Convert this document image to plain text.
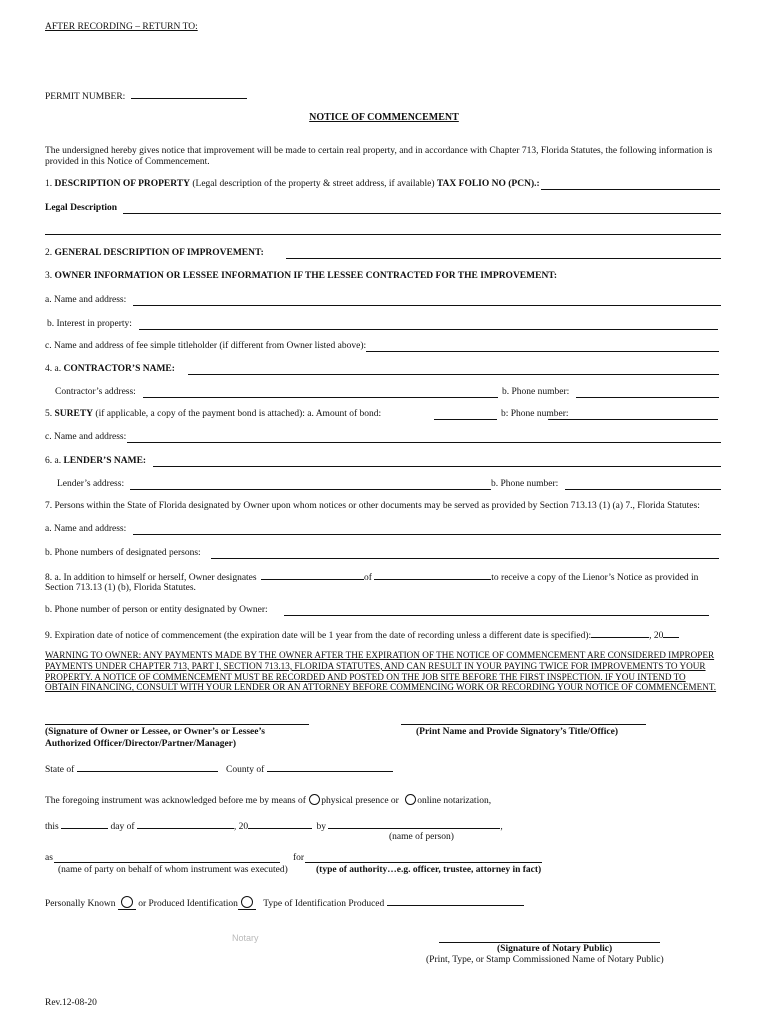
AFTER RECORDING – RETURN TO:
PERMIT NUMBER:
NOTICE OF COMMENCEMENT
The undersigned hereby gives notice that improvement will be made to certain real property, and in accordance with Chapter 713, Florida Statutes, the following information is
provided in this Notice of Commencement.
1. DESCRIPTION OF PROPERTY (Legal description of the property & street address, if available) TAX FOLIO NO (PCN).:
Legal Description
2. GENERAL DESCRIPTION OF IMPROVEMENT:
3. OWNER INFORMATION OR LESSEE INFORMATION IF THE LESSEE CONTRACTED FOR THE IMPROVEMENT:
a. Name and address:
b. Interest in property:
c. Name and address of fee simple titleholder (if different from Owner listed above):
4. a. CONTRACTOR’S NAME:
Contractor’s address:	b. Phone number:
5. SURETY (if applicable, a copy of the payment bond is attached): a. Amount of bond:	b: Phone number:
c. Name and address:
6. a. LENDER’S NAME:
Lender’s address:	b. Phone number:
7. Persons within the State of Florida designated by Owner upon whom notices or other documents may be served as provided by Section 713.13 (1) (a) 7., Florida Statutes:
a. Name and address:
b. Phone numbers of designated persons:
8. a. In addition to himself or herself, Owner designates	of	to receive a copy of the Lienor’s Notice as provided in
Section 713.13 (1) (b), Florida Statutes.
b. Phone number of person or entity designated by Owner:
9. Expiration date of notice of commencement (the expiration date will be 1 year from the date of recording unless a different date is specified):	, 20
WARNING TO OWNER: ANY PAYMENTS MADE BY THE OWNER AFTER THE EXPIRATION OF THE NOTICE OF COMMENCEMENT ARE CONSIDERED IMPROPER PAYMENTS UNDER CHAPTER 713, PART I, SECTION 713.13, FLORIDA STATUTES, AND CAN RESULT IN YOUR PAYING TWICE FOR IMPROVEMENTS TO YOUR PROPERTY. A NOTICE OF COMMENCEMENT MUST BE RECORDED AND POSTED ON THE JOB SITE BEFORE THE FIRST INSPECTION. IF YOU INTEND TO OBTAIN FINANCING, CONSULT WITH YOUR LENDER OR AN ATTORNEY BEFORE COMMENCING WORK OR RECORDING YOUR NOTICE OF COMMENCEMENT.
(Signature of Owner or Lessee, or Owner’s or Lessee’s
Authorized Officer/Director/Partner/Manager)
(Print Name and Provide Signatory’s Title/Office)
State of	County of
The foregoing instrument was acknowledged before me by means of physical presence or online notarization,
this	day of	, 20	by	,
(name of person)
as	for
(name of party on behalf of whom instrument was executed)	(type of authority…e.g. officer, trustee, attorney in fact)
Personally Known or Produced Identification	Type of Identification Produced
Notary
(Signature of Notary Public)
(Print, Type, or Stamp Commissioned Name of Notary Public)
Rev.12-08-20
